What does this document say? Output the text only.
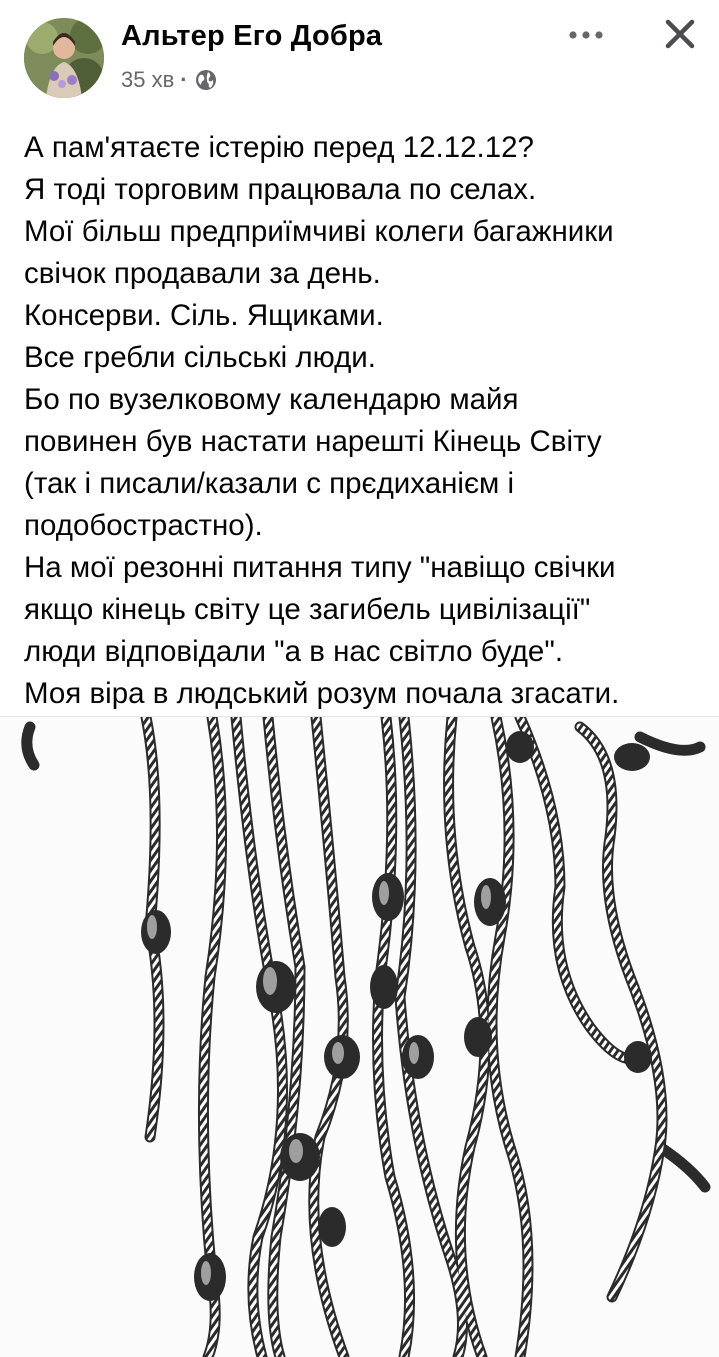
Альтер Его Добра
35 хв ·
А пам'ятаєте істерію перед 12.12.12?
Я тоді торговим працювала по селах.
Мої більш предприїмчиві колеги багажники
свічок продавали за день.
Консерви. Сіль. Ящиками.
Все гребли сільські люди.
Бо по вузелковому календарю майя
повинен був настати нарешті Кінець Світу
(так і писали/казали с прєдиханієм і
подобострастно).
На мої резонні питання типу "навіщо свічки
якщо кінець світу це загибель цивілізації"
люди відповідали "а в нас світло буде".
Моя віра в людський розум почала згасати.
